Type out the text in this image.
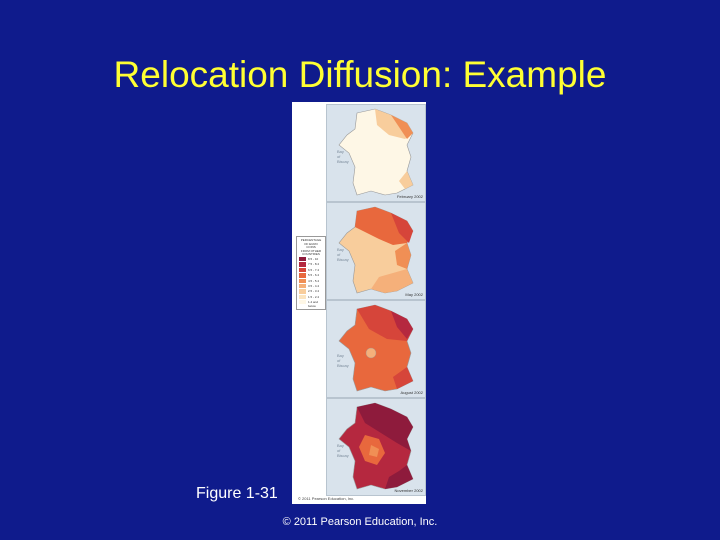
Relocation Diffusion: Example
Bay
of
Biscay
February 2002
Bay
of
Biscay
May 2002
Bay
of
Biscay
August 2002
Bay
of
Biscay
November 2002
PERCENTAGE
OF EURO
COINS
FROM OTHER
COUNTRIES
8.5 - 10
7.5 - 8.4
6.5 - 7.4
5.5 - 6.4
4.5 - 5.4
3.5 - 4.4
2.5 - 3.4
1.5 - 2.4
1.4 and below
© 2011 Pearson Education, Inc.
Figure 1-31
© 2011 Pearson Education, Inc.
